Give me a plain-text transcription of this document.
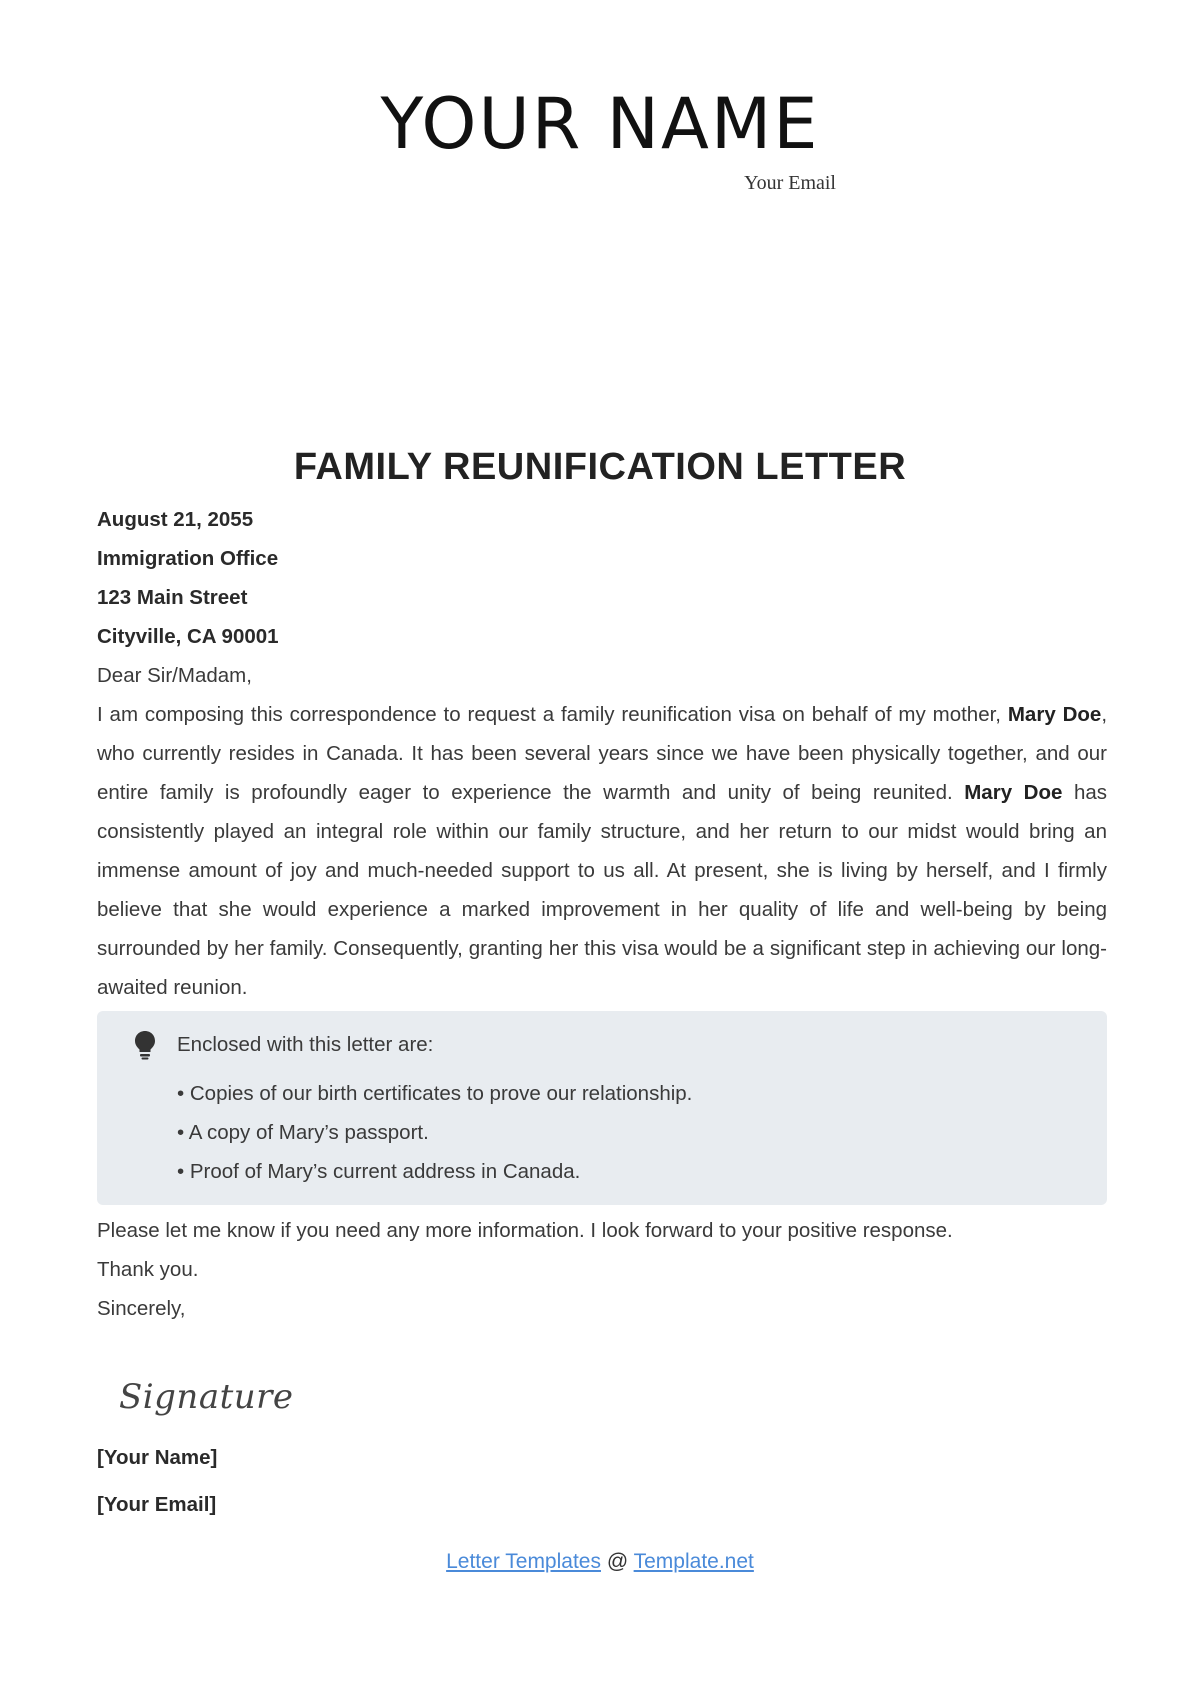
YOUR NAME
Your Email
FAMILY REUNIFICATION LETTER
August 21, 2055
Immigration Office
123 Main Street
Cityville, CA 90001
Dear Sir/Madam,
I am composing this correspondence to request a family reunification visa on behalf of my mother, Mary Doe, who currently resides in Canada. It has been several years since we have been physically together, and our entire family is profoundly eager to experience the warmth and unity of being reunited. Mary Doe has consistently played an integral role within our family structure, and her return to our midst would bring an immense amount of joy and much-needed support to us all. At present, she is living by herself, and I firmly believe that she would experience a marked improvement in her quality of life and well-being by being surrounded by her family. Consequently, granting her this visa would be a significant step in achieving our long-awaited reunion.
Enclosed with this letter are:
• Copies of our birth certificates to prove our relationship.
• A copy of Mary’s passport.
• Proof of Mary’s current address in Canada.
Please let me know if you need any more information. I look forward to your positive response.
Thank you.
Sincerely,
Signature
[Your Name]
[Your Email]
Letter Templates @ Template.net
